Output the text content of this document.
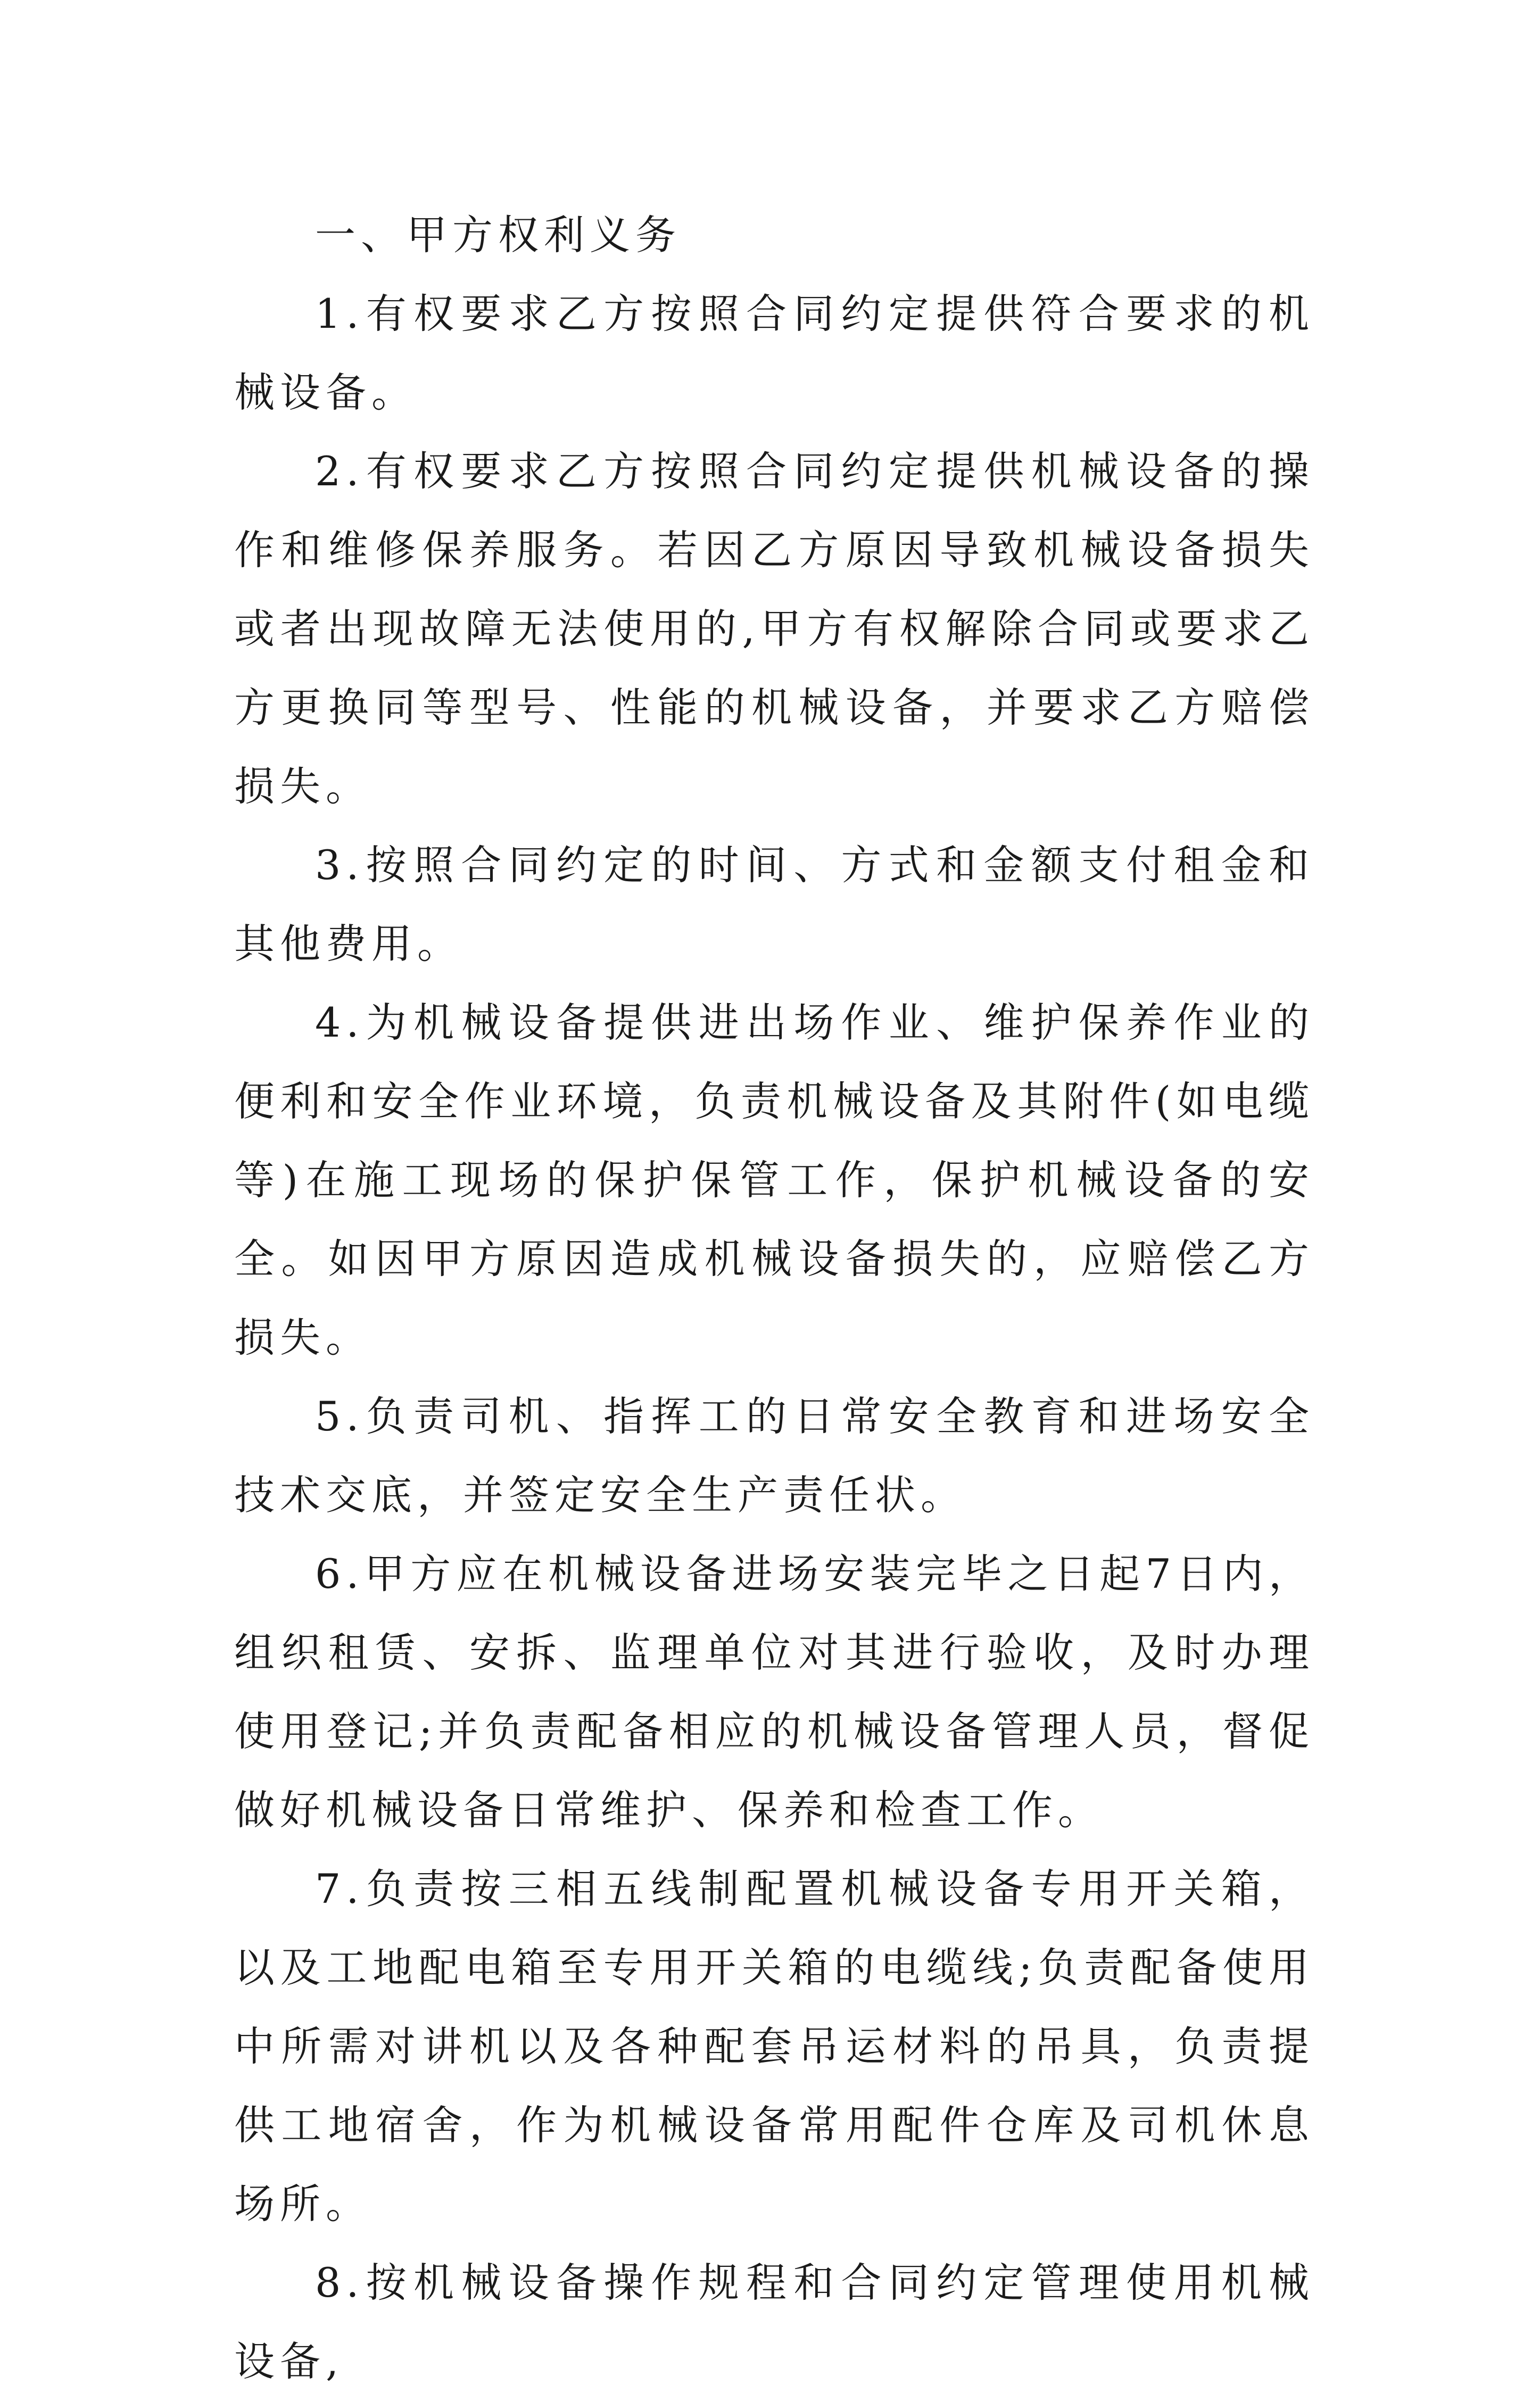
一、甲方权利义务

1.有权要求乙方按照合同约定提供符合要求的机械设备。

2.有权要求乙方按照合同约定提供机械设备的操作和维修保养服务。若因乙方原因导致机械设备损失或者出现故障无法使用的,甲方有权解除合同或要求乙方更换同等型号、性能的机械设备，并要求乙方赔偿损失。

3.按照合同约定的时间、方式和金额支付租金和其他费用。

4.为机械设备提供进出场作业、维护保养作业的便利和安全作业环境，负责机械设备及其附件(如电缆等)在施工现场的保护保管工作，保护机械设备的安全。如因甲方原因造成机械设备损失的，应赔偿乙方损失。

5.负责司机、指挥工的日常安全教育和进场安全技术交底，并签定安全生产责任状。

6.甲方应在机械设备进场安装完毕之日起7日内，组织租赁、安拆、监理单位对其进行验收，及时办理使用登记;并负责配备相应的机械设备管理人员，督促做好机械设备日常维护、保养和检查工作。

7.负责按三相五线制配置机械设备专用开关箱，以及工地配电箱至专用开关箱的电缆线;负责配备使用中所需对讲机以及各种配套吊运材料的吊具，负责提供工地宿舍，作为机械设备常用配件仓库及司机休息场所。

8.按机械设备操作规程和合同约定管理使用机械设备,
